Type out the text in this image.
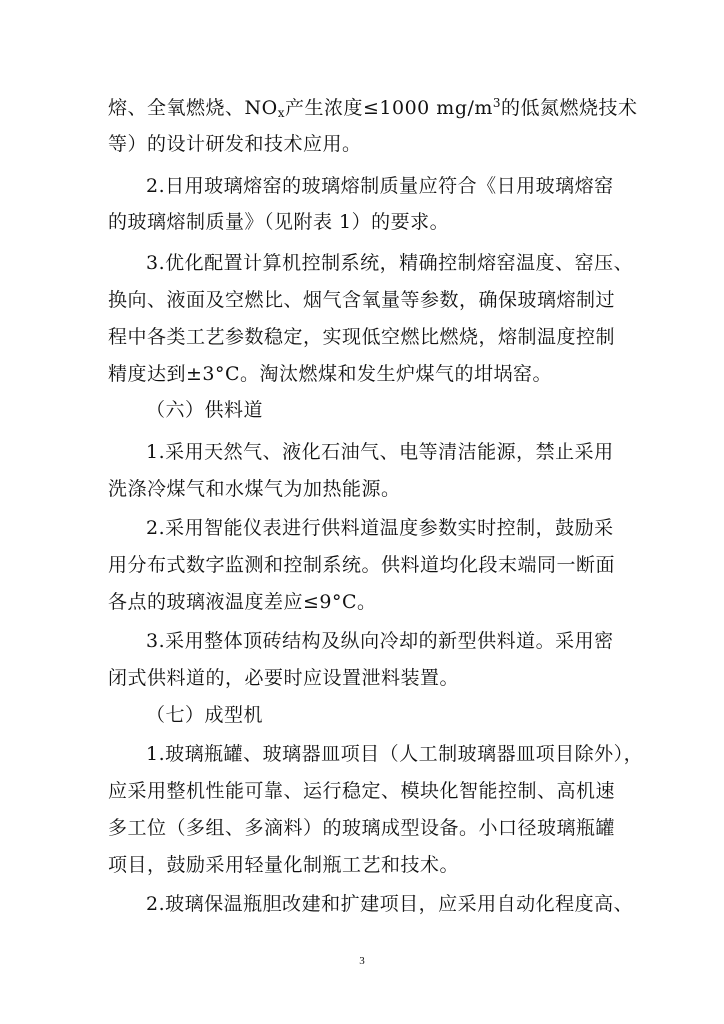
熔、全氧燃烧、$NO_x$产生浓度≤1000 $mg/m^3$的低氮燃烧技术
等）的设计研发和技术应用。
2.日用玻璃熔窑的玻璃熔制质量应符合《日用玻璃熔窑
的玻璃熔制质量》（见附表 1）的要求。
3.优化配置计算机控制系统，精确控制熔窑温度、窑压、
换向、液面及空燃比、烟气含氧量等参数，确保玻璃熔制过
程中各类工艺参数稳定，实现低空燃比燃烧，熔制温度控制
精度达到±3°C。淘汰燃煤和发生炉煤气的坩埚窑。
（六）供料道
1.采用天然气、液化石油气、电等清洁能源，禁止采用
洗涤冷煤气和水煤气为加热能源。
2.采用智能仪表进行供料道温度参数实时控制，鼓励采
用分布式数字监测和控制系统。供料道均化段末端同一断面
各点的玻璃液温度差应≤9°C。
3.采用整体顶砖结构及纵向冷却的新型供料道。采用密
闭式供料道的，必要时应设置泄料装置。
（七）成型机
1.玻璃瓶罐、玻璃器皿项目（人工制玻璃器皿项目除外），
应采用整机性能可靠、运行稳定、模块化智能控制、高机速
多工位（多组、多滴料）的玻璃成型设备。小口径玻璃瓶罐
项目，鼓励采用轻量化制瓶工艺和技术。
2.玻璃保温瓶胆改建和扩建项目，应采用自动化程度高、
3
